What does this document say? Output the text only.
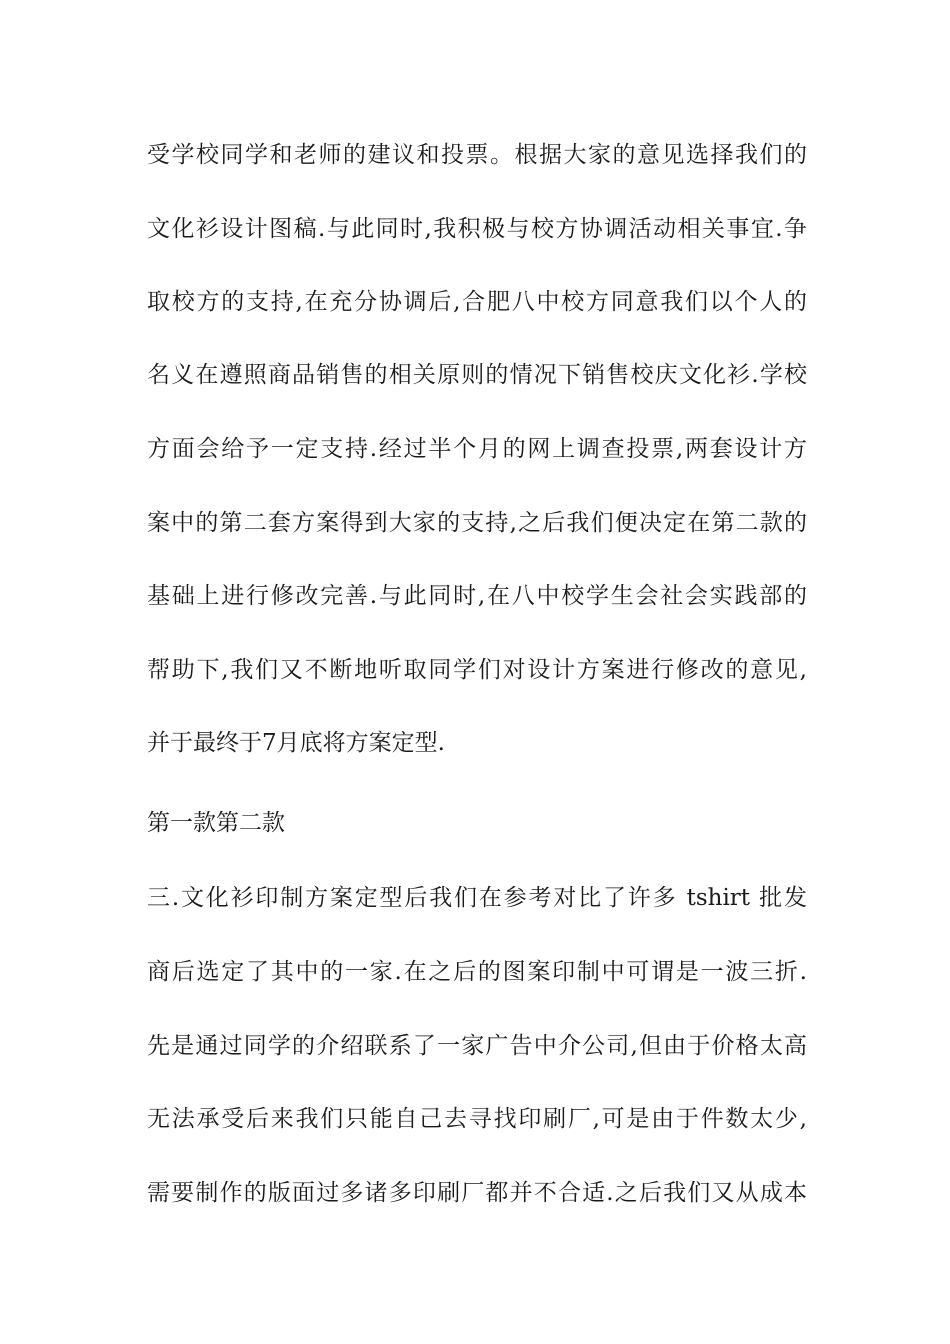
受学校同学和老师的建议和投票。根据大家的意见选择我们的
文化衫设计图稿.与此同时,我积极与校方协调活动相关事宜.争
取校方的支持,在充分协调后,合肥八中校方同意我们以个人的
名义在遵照商品销售的相关原则的情况下销售校庆文化衫.学校
方面会给予一定支持.经过半个月的网上调查投票,两套设计方
案中的第二套方案得到大家的支持,之后我们便决定在第二款的
基础上进行修改完善.与此同时,在八中校学生会社会实践部的
帮助下,我们又不断地听取同学们对设计方案进行修改的意见,
并于最终于7月底将方案定型.
第一款第二款
三.文化衫印制方案定型后我们在参考对比了许多 tshirt 批发
商后选定了其中的一家.在之后的图案印制中可谓是一波三折.
先是通过同学的介绍联系了一家广告中介公司,但由于价格太高
无法承受后来我们只能自己去寻找印刷厂,可是由于件数太少,
需要制作的版面过多诸多印刷厂都并不合适.之后我们又从成本
